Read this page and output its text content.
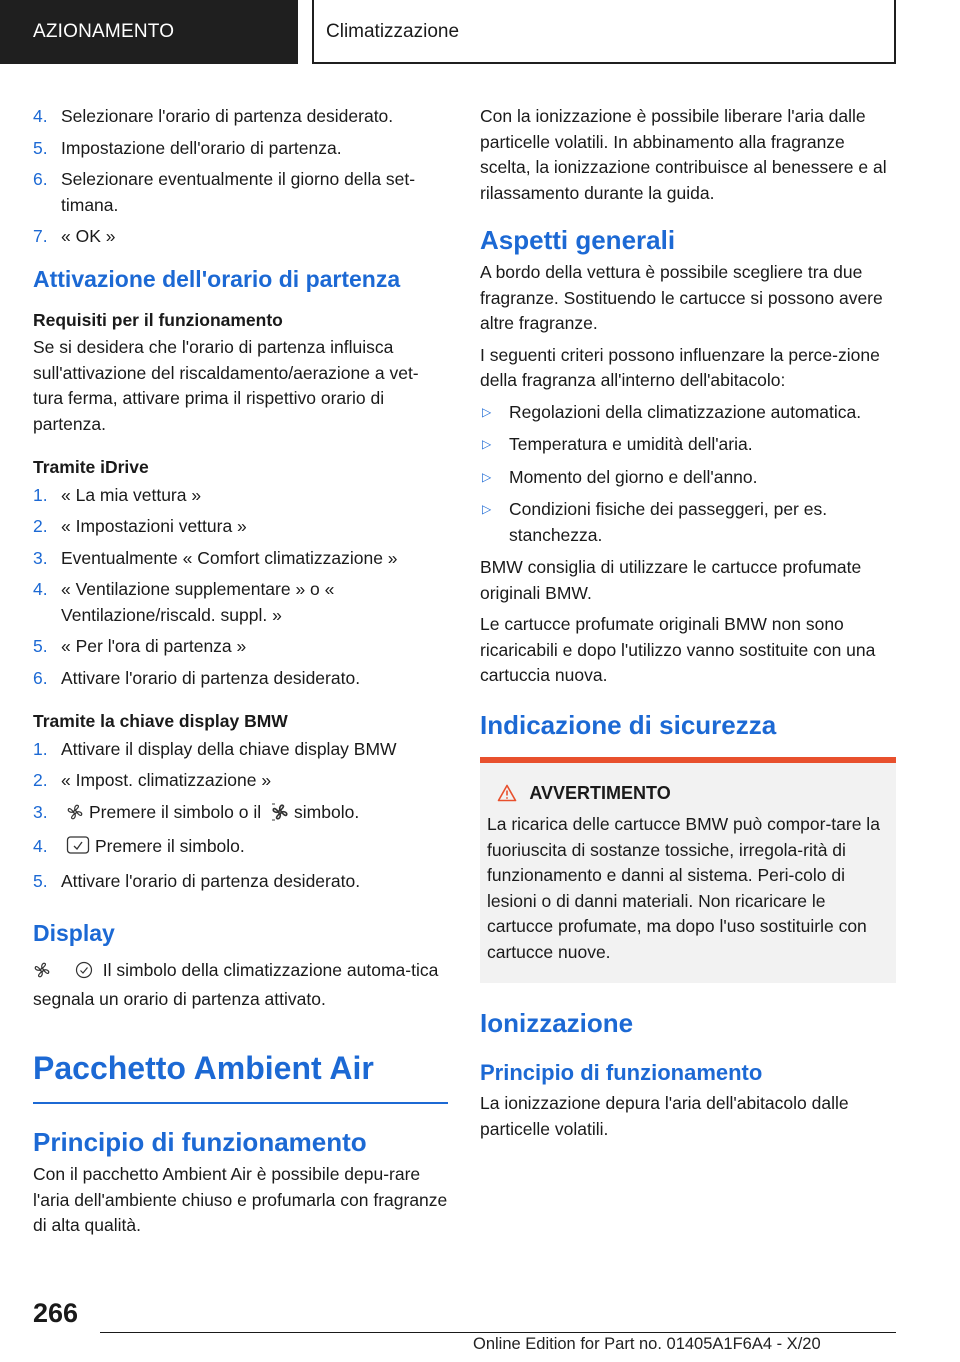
AZIONAMENTO	Climatizzazione
4. Selezionare l'orario di partenza desiderato.
5. Impostazione dell'orario di partenza.
6. Selezionare eventualmente il giorno della set-timana.
7. « OK »
Attivazione dell'orario di partenza
Requisiti per il funzionamento

Se si desidera che l'orario di partenza influisca sull'attivazione del riscaldamento/aerazione a vet-tura ferma, attivare prima il rispettivo orario di partenza.

Tramite iDrive
1. « La mia vettura »
2. « Impostazioni vettura »
3. Eventualmente « Comfort climatizzazione »
4. « Ventilazione supplementare » o « Ventilazione/riscald. suppl. »
5. « Per l'ora di partenza »
6. Attivare l'orario di partenza desiderato.
Tramite la chiave display BMW
1. Attivare il display della chiave display BMW
2. « Impost. climatizzazione »
3. Premere il simbolo o il simbolo.
4.	Premere il simbolo.
5. Attivare l'orario di partenza desiderato.
Display

Il simbolo della climatizzazione automa-tica segnala un orario di partenza attivato.

Pacchetto Ambient Air
Principio di funzionamento

Con il pacchetto Ambient Air è possibile depu-rare l'aria dell'ambiente chiuso e profumarla con fragranze di alta qualità.

Con la ionizzazione è possibile liberare l'aria dalle particelle volatili. In abbinamento alla fragranze scelta, la ionizzazione contribuisce al benessere e al rilassamento durante la guida.

Aspetti generali

A bordo della vettura è possibile scegliere tra due fragranze. Sostituendo le cartucce si possono avere altre fragranze.

I seguenti criteri possono influenzare la perce-zione della fragranza all'interno dell'abitacolo:

▷ Regolazioni della climatizzazione automatica.
▷ Temperatura e umidità dell'aria.
▷ Momento del giorno e dell'anno.
▷ Condizioni fisiche dei passeggeri, per es. stanchezza.

BMW consiglia di utilizzare le cartucce profumate originali BMW.

Le cartucce profumate originali BMW non sono ricaricabili e dopo l'utilizzo vanno sostituite con una cartuccia nuova.

Indicazione di sicurezza
AVVERTIMENTO
La ricarica delle cartucce BMW può compor-tare la fuoriuscita di sostanze tossiche, irregola-rità di funzionamento e danni al sistema. Peri-colo di lesioni o di danni materiali. Non ricaricare le cartucce profumate, ma dopo l'uso sostituirle con cartucce nuove.
Ionizzazione
Principio di funzionamento

La ionizzazione depura l'aria dell'abitacolo dalle particelle volatili.

266
Online Edition for Part no. 01405A1F6A4 - X/20
